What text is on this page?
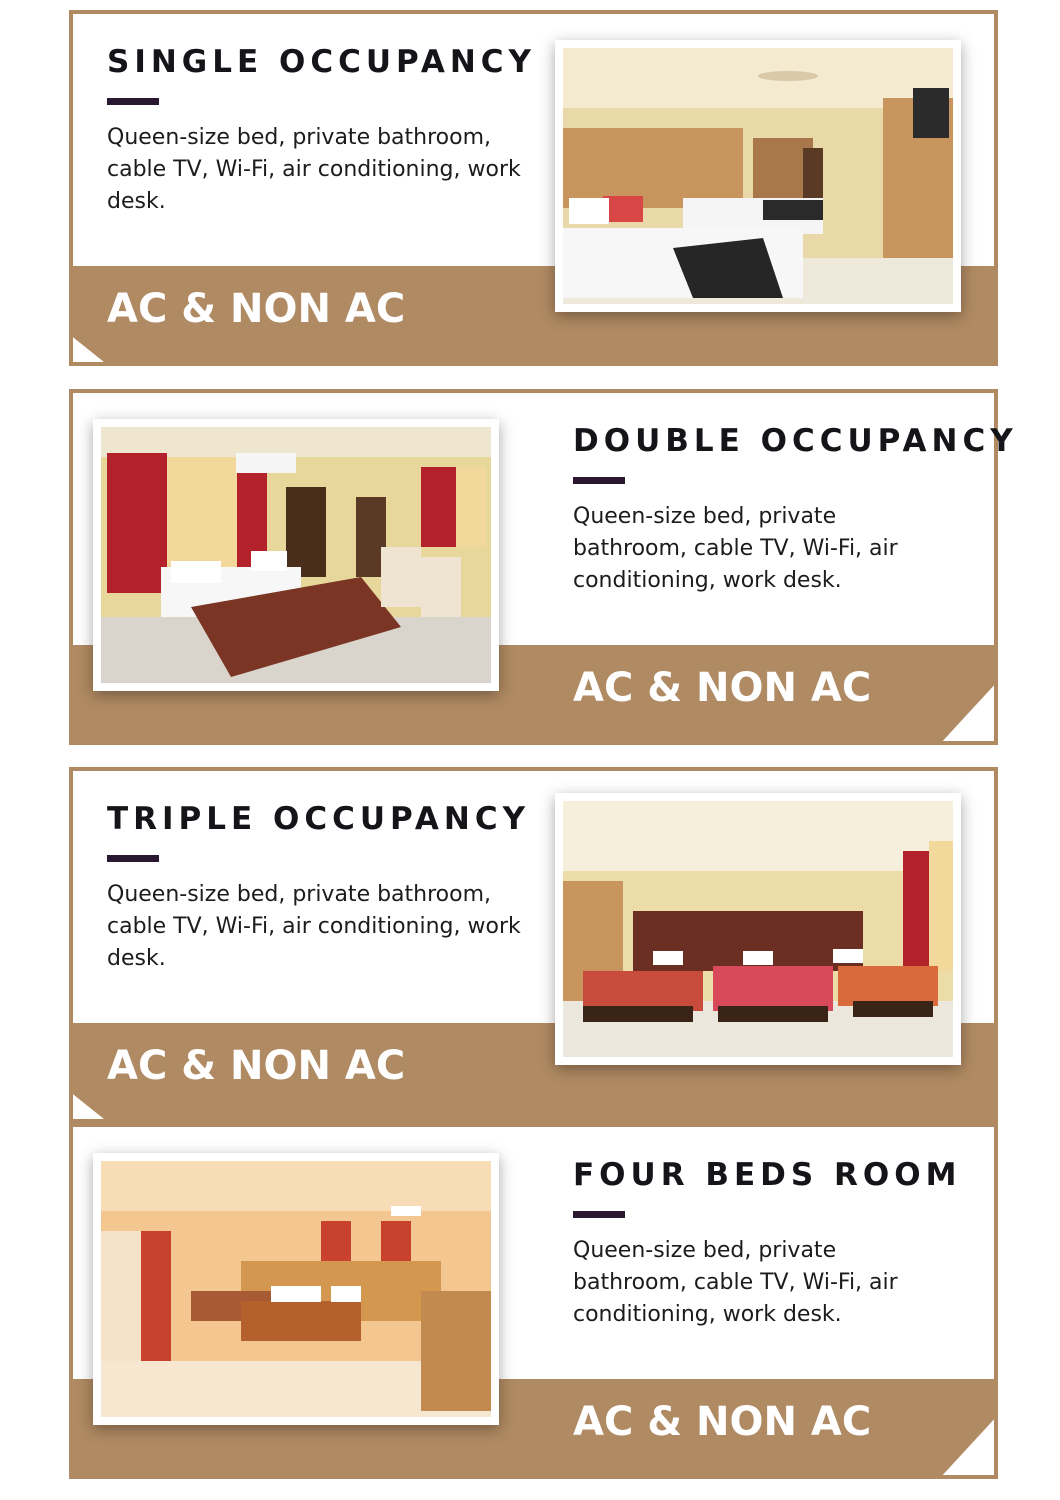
SINGLE OCCUPANCY

Queen-size bed, private bathroom, cable TV, Wi-Fi, air conditioning, work desk.

AC & NON AC

DOUBLE OCCUPANCY

Queen-size bed, private bathroom, cable TV, Wi-Fi, air conditioning, work desk.

AC & NON AC

TRIPLE OCCUPANCY

Queen-size bed, private bathroom, cable TV, Wi-Fi, air conditioning, work desk.

AC & NON AC

FOUR BEDS ROOM

Queen-size bed, private bathroom, cable TV, Wi-Fi, air conditioning, work desk.

AC & NON AC
